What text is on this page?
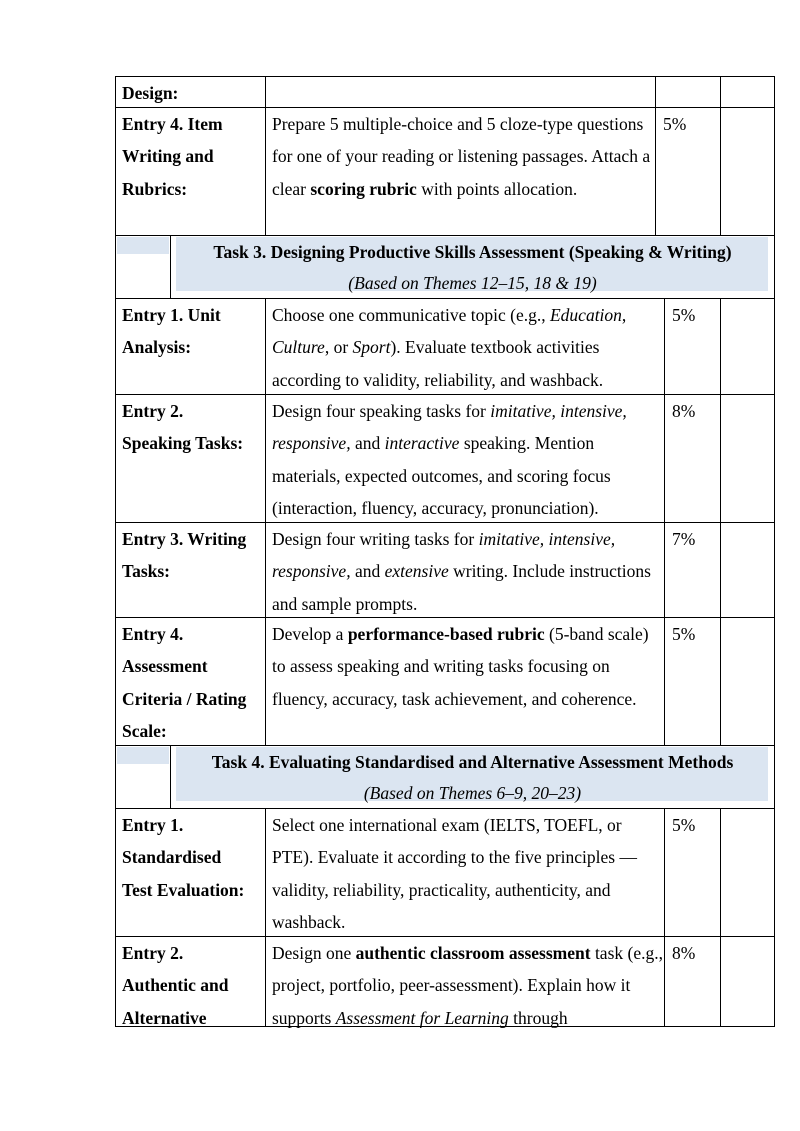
Design:
Entry 4. Item
Writing and
Rubrics:
Prepare 5 multiple-choice and 5 cloze-type questions for one of your reading or listening passages. Attach a clear scoring rubric with points allocation.
5%
Task 3. Designing Productive Skills Assessment (Speaking & Writing)
(Based on Themes 12–15, 18 & 19)
Entry 1. Unit
Analysis:
Choose one communicative topic (e.g., Education, Culture, or Sport). Evaluate textbook activities according to validity, reliability, and washback.
5%
Entry 2.
Speaking Tasks:
Design four speaking tasks for imitative, intensive, responsive, and interactive speaking. Mention materials, expected outcomes, and scoring focus (interaction, fluency, accuracy, pronunciation).
8%
Entry 3. Writing
Tasks:
Design four writing tasks for imitative, intensive, responsive, and extensive writing. Include instructions and sample prompts.
7%
Entry 4.
Assessment
Criteria / Rating
Scale:
Develop a performance-based rubric (5-band scale) to assess speaking and writing tasks focusing on fluency, accuracy, task achievement, and coherence.
5%
Task 4. Evaluating Standardised and Alternative Assessment Methods
(Based on Themes 6–9, 20–23)
Entry 1.
Standardised
Test Evaluation:
Select one international exam (IELTS, TOEFL, or PTE). Evaluate it according to the five principles — validity, reliability, practicality, authenticity, and washback.
5%
Entry 2.
Authentic and
Alternative
Design one authentic classroom assessment task (e.g., project, portfolio, peer-assessment). Explain how it supports Assessment for Learning through
8%
